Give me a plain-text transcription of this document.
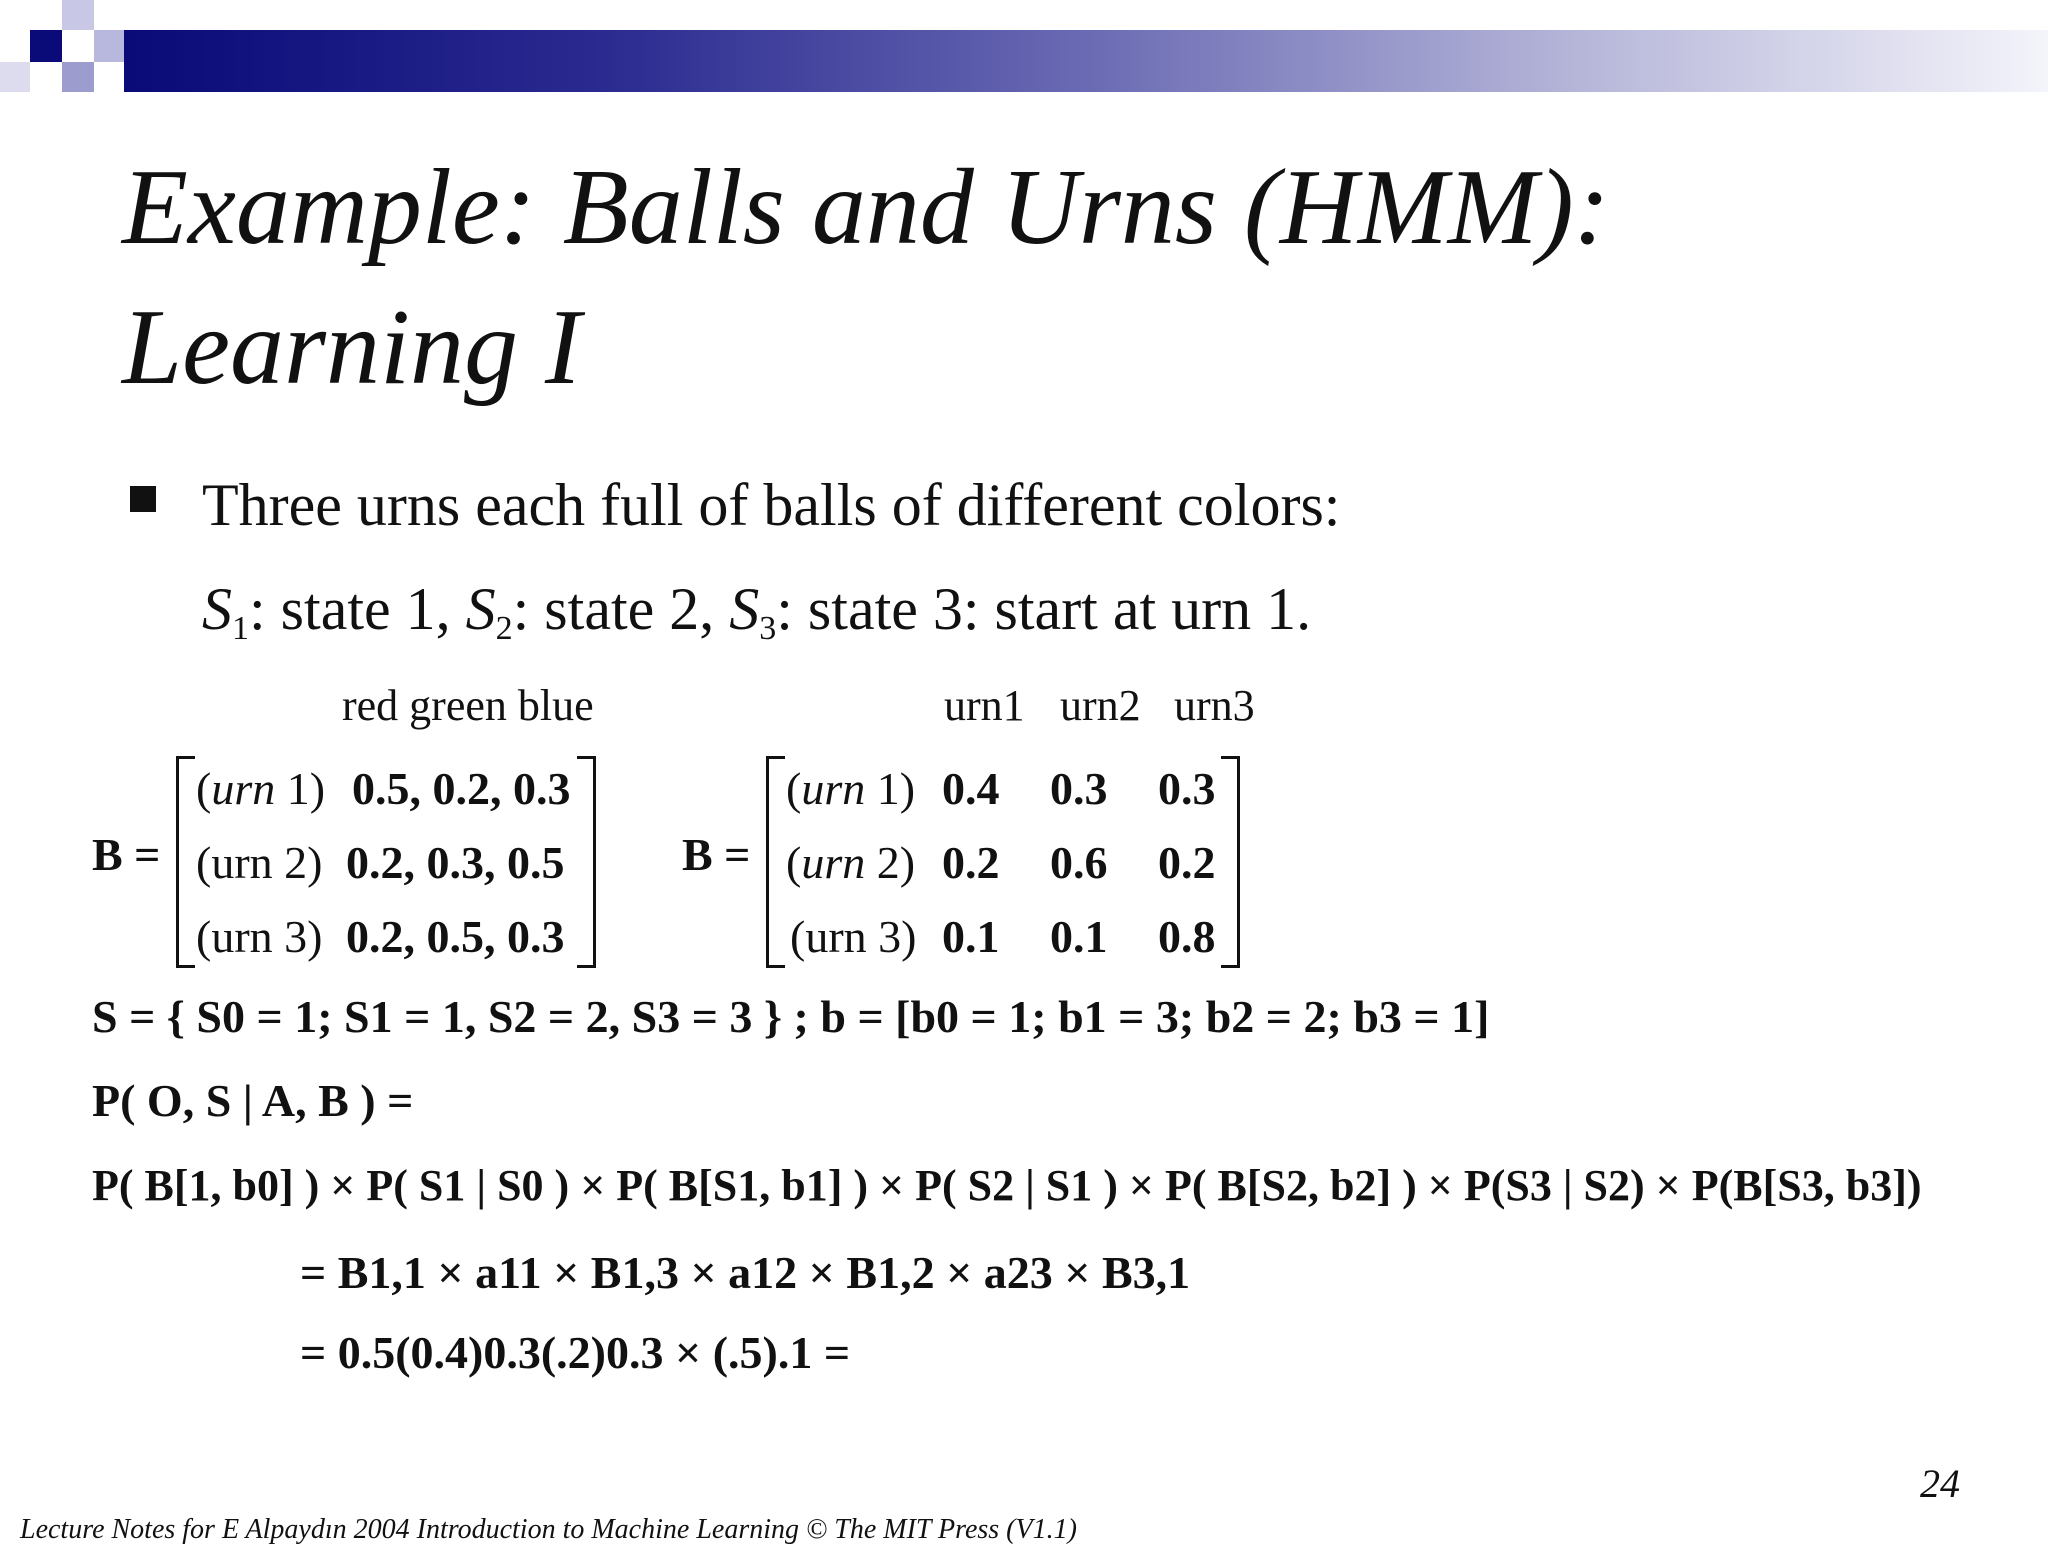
Example: Balls and Urns (HMM):
Learning I
Three urns each full of balls of different colors:
$S_1$: state 1, $S_2$: state 2, $S_3$: state 3: start at urn 1.
red green blue
B =
(urn 1) 0.5, 0.2, 0.3
(urn 2) 0.2, 0.3, 0.5
(urn 3) 0.2, 0.5, 0.3
urn1 urn2 urn3
B =
(urn 1) 0.4 0.3 0.3
(urn 2) 0.2 0.6 0.2
(urn 3) 0.1 0.1 0.8
S = { S0 = 1; S1 = 1, S2 = 2, S3 = 3 } ; b = [b0 = 1; b1 = 3; b2 = 2; b3 = 1]
P( O, S | A, B ) =
P( B[1, b0] ) × P( S1 | S0 ) × P( B[S1, b1] ) × P( S2 | S1 ) × P( B[S2, b2] ) × P(S3 | S2) × P(B[S3, b3])
= B1,1 × a11 × B1,3 × a12 × B1,2 × a23 × B3,1
= 0.5(0.4)0.3(.2)0.3 × (.5).1 =
24
Lecture Notes for E Alpaydın 2004 Introduction to Machine Learning © The MIT Press (V1.1)
